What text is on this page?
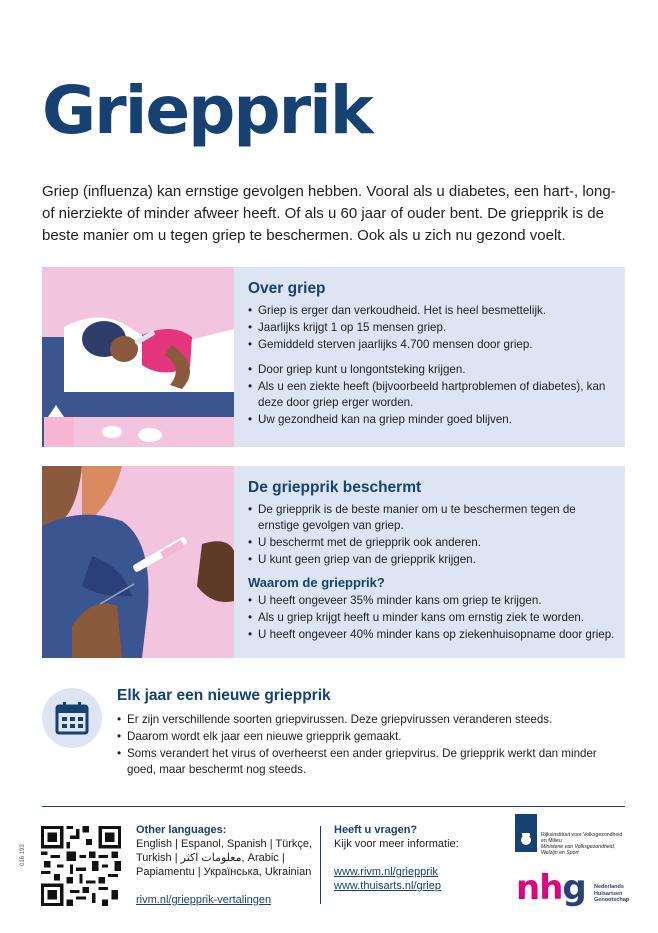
Griepprik

Griep (influenza) kan ernstige gevolgen hebben. Vooral als u diabetes, een hart-, long- of nierziekte of minder afweer heeft. Of als u 60 jaar of ouder bent. De griepprik is de beste manier om u tegen griep te beschermen. Ook als u zich nu gezond voelt.

Over griep
• Griep is erger dan verkoudheid. Het is heel besmettelijk.
• Jaarlijks krijgt 1 op 15 mensen griep.
• Gemiddeld sterven jaarlijks 4.700 mensen door griep.
• Door griep kunt u longontsteking krijgen.
• Als u een ziekte heeft (bijvoorbeeld hartproblemen of diabetes), kan deze door griep erger worden.
• Uw gezondheid kan na griep minder goed blijven.
De griepprik beschermt
• De griepprik is de beste manier om u te beschermen tegen de ernstige gevolgen van griep.
• U beschermt met de griepprik ook anderen.
• U kunt geen griep van de griepprik krijgen.
Waarom de griepprik?
• U heeft ongeveer 35% minder kans om griep te krijgen.
• Als u griep krijgt heeft u minder kans om ernstig ziek te worden.
• U heeft ongeveer 40% minder kans op ziekenhuisopname door griep.
Elk jaar een nieuwe griepprik
• Er zijn verschillende soorten griepvirussen. Deze griepvirussen veranderen steeds.
• Daarom wordt elk jaar een nieuwe griepprik gemaakt.
• Soms verandert het virus of overheerst een ander griepvirus. De griepprik werkt dan minder goed, maar beschermt nog steeds.
016 193
Other languages:
English | Espanol, Spanish | Türkçe,
Turkish | معلومات اكثر, Arabic |
Papiamentu | Українська, Ukrainian
rivm.nl/griepprik-vertalingen
Heeft u vragen?
Kijk voor meer informatie:
www.rivm.nl/griepprik
www.thuisarts.nl/griep
Rijksinstituut voor Volksgezondheid
en Milieu
Ministerie van Volksgezondheid,
Welzijn en Sport
nhg Nederlands
Huisartsen
Genootschap
